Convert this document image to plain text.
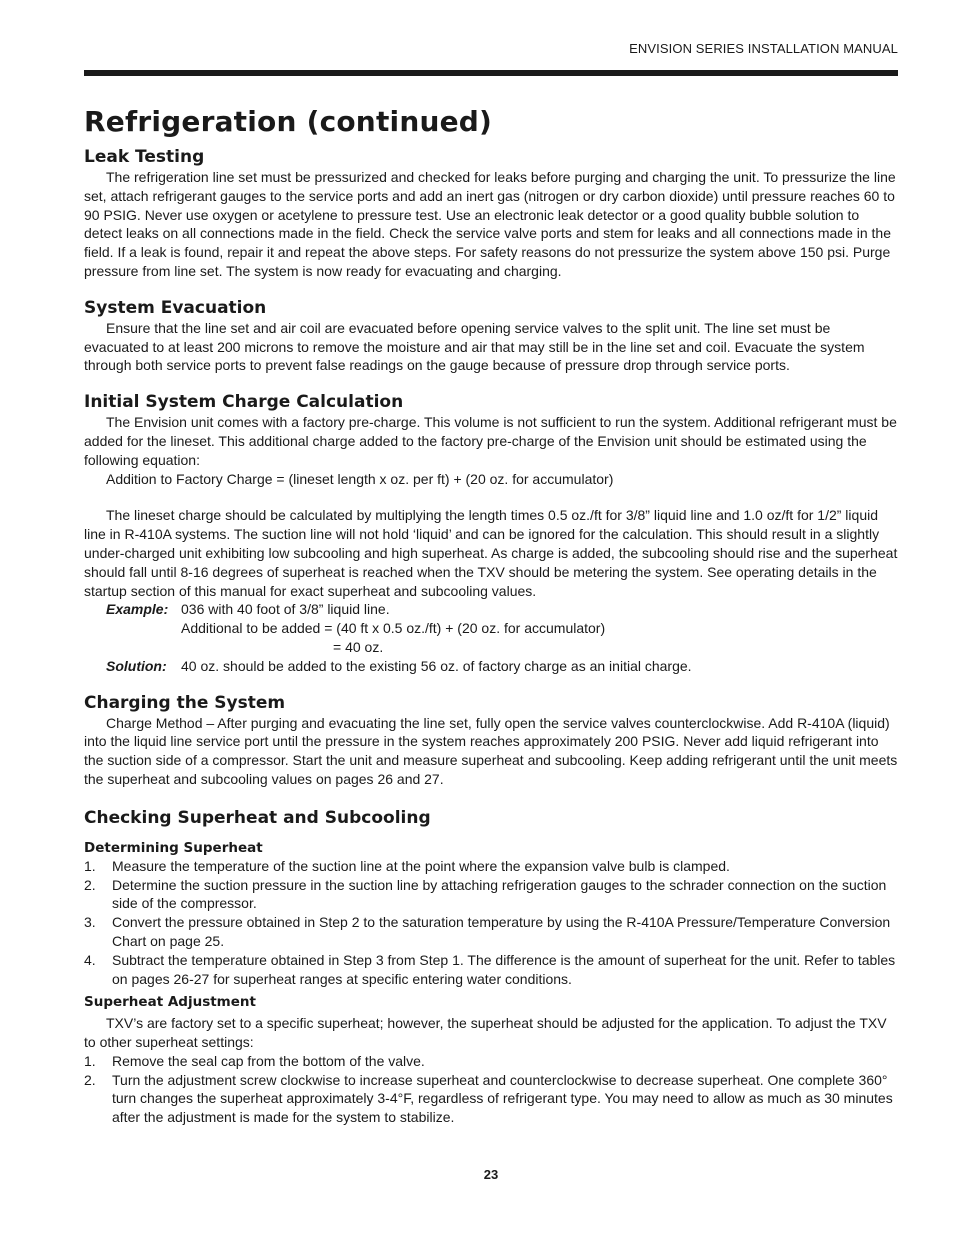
ENVISION SERIES INSTALLATION MANUAL
Refrigeration (continued)
Leak Testing

The refrigeration line set must be pressurized and checked for leaks before purging and charging the unit. To pressurize the line set, attach refrigerant gauges to the service ports and add an inert gas (nitrogen or dry carbon dioxide) until pressure reaches 60 to 90 PSIG. Never use oxygen or acetylene to pressure test. Use an electronic leak detector or a good quality bubble solution to detect leaks on all connections made in the field. Check the service valve ports and stem for leaks and all connections made in the field. If a leak is found, repair it and repeat the above steps. For safety reasons do not pressurize the system above 150 psi. Purge pressure from line set. The system is now ready for evacuating and charging.

System Evacuation

Ensure that the line set and air coil are evacuated before opening service valves to the split unit. The line set must be evacuated to at least 200 microns to remove the moisture and air that may still be in the line set and coil. Evacuate the system through both service ports to prevent false readings on the gauge because of pressure drop through service ports.

Initial System Charge Calculation

The Envision unit comes with a factory pre-charge. This volume is not sufficient to run the system. Additional refrigerant must be added for the lineset. This additional charge added to the factory pre-charge of the Envision unit should be estimated using the following equation:

Addition to Factory Charge = (lineset length x oz. per ft) + (20 oz. for accumulator)

The lineset charge should be calculated by multiplying the length times 0.5 oz./ft for 3/8” liquid line and 1.0 oz/ft for 1/2” liquid line in R-410A systems. The suction line will not hold ‘liquid’ and can be ignored for the calculation. This should result in a slightly under-charged unit exhibiting low subcooling and high superheat. As charge is added, the subcooling should rise and the superheat should fall until 8-16 degrees of superheat is reached when the TXV should be metering the system. See operating details in the startup section of this manual for exact superheat and subcooling values.

Example: 036 with 40 foot of 3/8” liquid line.

Additional to be added = (40 ft x 0.5 oz./ft) + (20 oz. for accumulator)

= 40 oz.

Solution:	40 oz. should be added to the existing 56 oz. of factory charge as an initial charge.
Charging the System

Charge Method – After purging and evacuating the line set, fully open the service valves counterclockwise. Add R-410A (liquid) into the liquid line service port until the pressure in the system reaches approximately 200 PSIG. Never add liquid refrigerant into the suction side of a compressor. Start the unit and measure superheat and subcooling. Keep adding refrigerant until the unit meets the superheat and subcooling values on pages 26 and 27.

Checking Superheat and Subcooling
Determining Superheat
1.	Measure the temperature of the suction line at the point where the expansion valve bulb is clamped.
2.	Determine the suction pressure in the suction line by attaching refrigeration gauges to the schrader connection on the suction side of the compressor.
3.	Convert the pressure obtained in Step 2 to the saturation temperature by using the R-410A Pressure/Temperature Conversion Chart on page 25.
4.	Subtract the temperature obtained in Step 3 from Step 1. The difference is the amount of superheat for the unit. Refer to tables on pages 26-27 for superheat ranges at specific entering water conditions.
Superheat Adjustment

TXV’s are factory set to a specific superheat; however, the superheat should be adjusted for the application. To adjust the TXV to other superheat settings:

1.	Remove the seal cap from the bottom of the valve.
2.	Turn the adjustment screw clockwise to increase superheat and counterclockwise to decrease superheat. One complete 360° turn changes the superheat approximately 3-4°F, regardless of refrigerant type. You may need to allow as much as 30 minutes after the adjustment is made for the system to stabilize.
23
